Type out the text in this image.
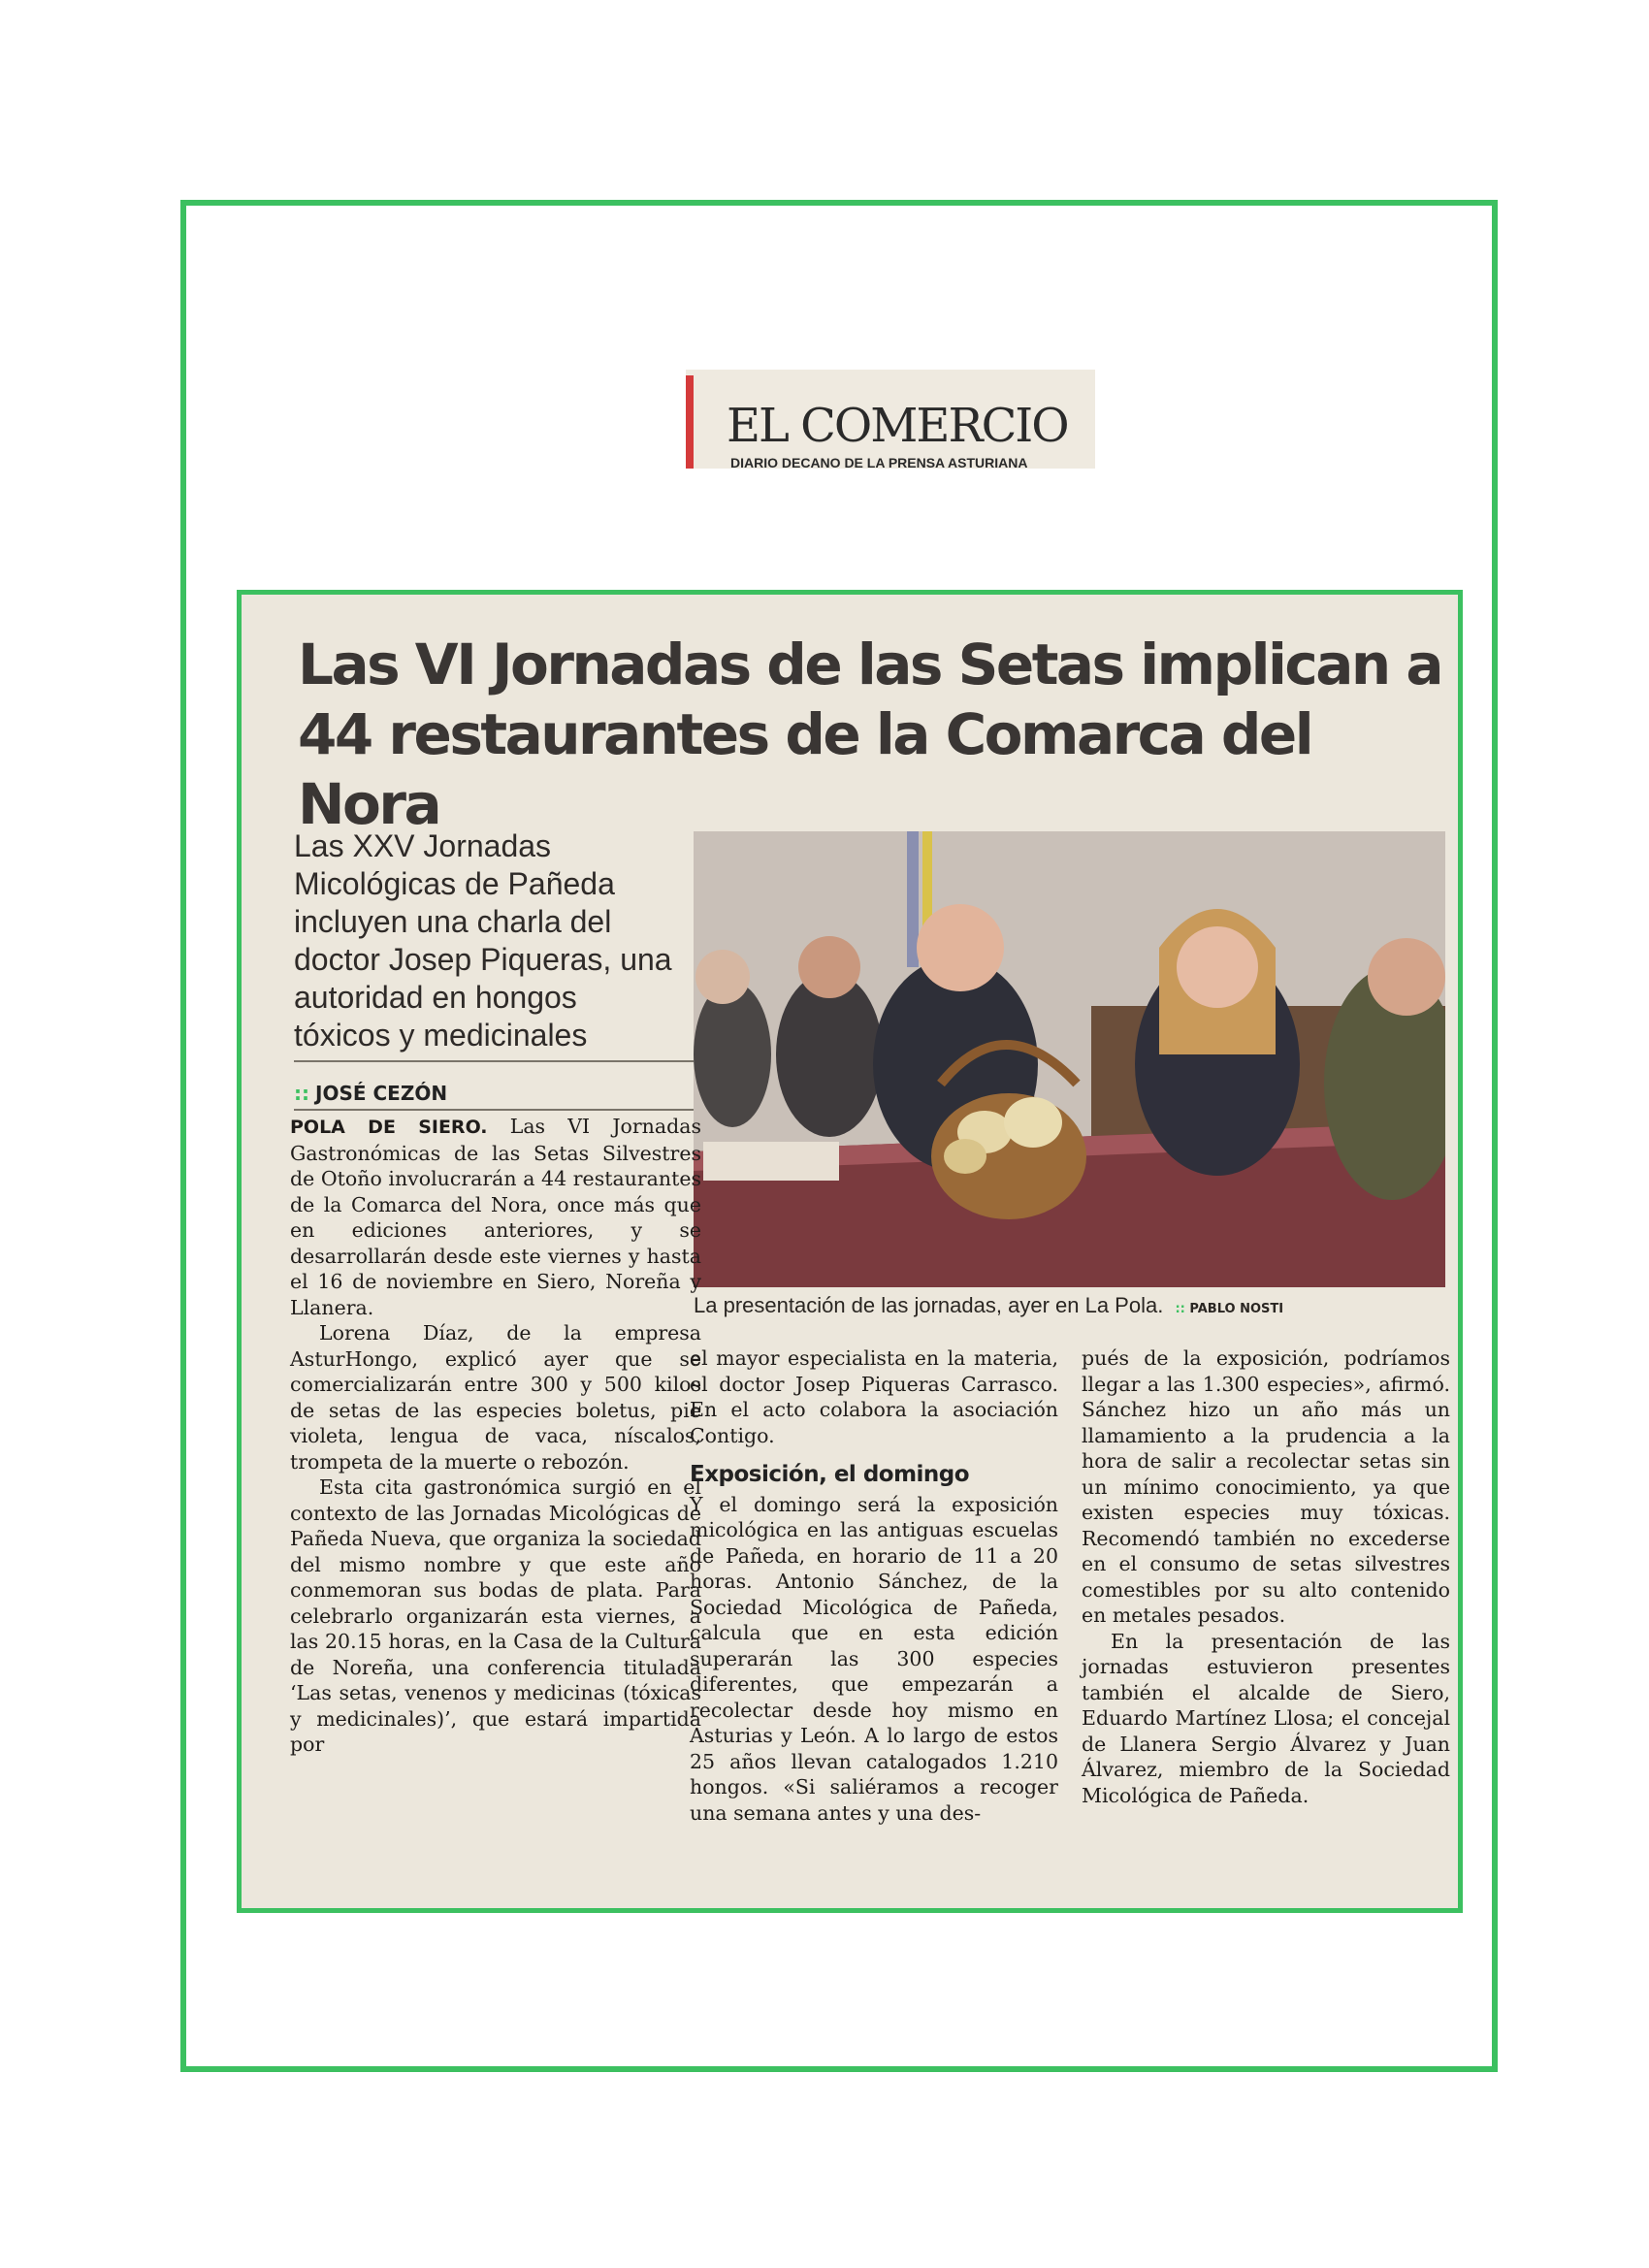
EL COMERCIO
DIARIO DECANO DE LA PRENSA ASTURIANA
Las VI Jornadas de las Setas implican a 44 restaurantes de la Comarca del Nora

Las XXV Jornadas Micológicas de Pañeda incluyen una charla del doctor Josep Piqueras, una autoridad en hongos tóxicos y medicinales

:: JOSÉ CEZÓN
La presentación de las jornadas, ayer en La Pola. :: PABLO NOSTI

POLA DE SIERO. Las VI Jornadas Gastronómicas de las Setas Silvestres de Otoño involucrarán a 44 restaurantes de la Comarca del Nora, once más que en ediciones anteriores, y se desarrollarán desde este viernes y hasta el 16 de noviembre en Siero, Noreña y Llanera.

Lorena Díaz, de la empresa AsturHongo, explicó ayer que se comercializarán entre 300 y 500 kilos de setas de las especies boletus, pie violeta, lengua de vaca, níscalos, trompeta de la muerte o rebozón.

Esta cita gastronómica surgió en el contexto de las Jornadas Micológicas de Pañeda Nueva, que organiza la sociedad del mismo nombre y que este año conmemoran sus bodas de plata. Para celebrarlo organizarán esta viernes, a las 20.15 horas, en la Casa de la Cultura de Noreña, una conferencia titulada ‘Las setas, venenos y medicinas (tóxicas y medicinales)’, que estará impartida por

el mayor especialista en la materia, el doctor Josep Piqueras Carrasco. En el acto colabora la asociación Contigo.

Exposición, el domingo

Y el domingo será la exposición micológica en las antiguas escuelas de Pañeda, en horario de 11 a 20 horas. Antonio Sánchez, de la Sociedad Micológica de Pañeda, calcula que en esta edición superarán las 300 especies diferentes, que empezarán a recolectar desde hoy mismo en Asturias y León. A lo largo de estos 25 años llevan catalogados 1.210 hongos. «Si saliéramos a recoger una semana antes y una des-

pués de la exposición, podríamos llegar a las 1.300 especies», afirmó. Sánchez hizo un año más un llamamiento a la prudencia a la hora de salir a recolectar setas sin un mínimo conocimiento, ya que existen especies muy tóxicas. Recomendó también no excederse en el consumo de setas silvestres comestibles por su alto contenido en metales pesados.

En la presentación de las jornadas estuvieron presentes también el alcalde de Siero, Eduardo Martínez Llosa; el concejal de Llanera Sergio Álvarez y Juan Álvarez, miembro de la Sociedad Micológica de Pañeda.
